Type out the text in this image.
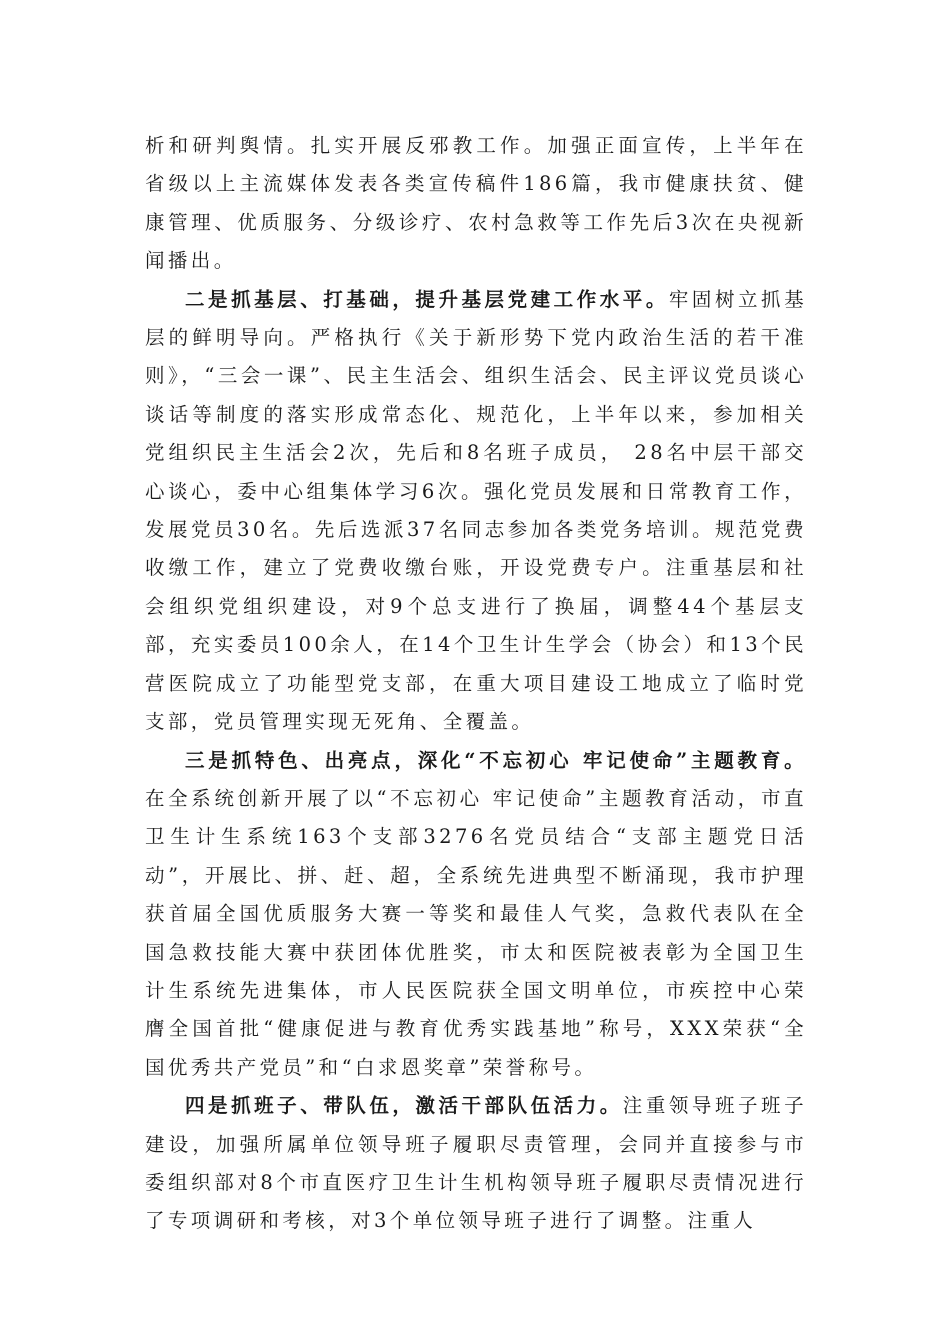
析和研判舆情。扎实开展反邪教工作。加强正面宣传，上半年在省级以上主流媒体发表各类宣传稿件186篇，我市健康扶贫、健康管理、优质服务、分级诊疗、农村急救等工作先后3次在央视新闻播出。

二是抓基层、打基础，提升基层党建工作水平。牢固树立抓基层的鲜明导向。严格执行《关于新形势下党内政治生活的若干准则》，“三会一课”、民主生活会、组织生活会、民主评议党员谈心谈话等制度的落实形成常态化、规范化，上半年以来，参加相关党组织民主生活会2次，先后和8名班子成员， 28名中层干部交心谈心，委中心组集体学习6次。强化党员发展和日常教育工作，发展党员30名。先后选派37名同志参加各类党务培训。规范党费收缴工作，建立了党费收缴台账，开设党费专户。注重基层和社会组织党组织建设，对9个总支进行了换届，调整44个基层支部，充实委员100余人，在14个卫生计生学会（协会）和13个民营医院成立了功能型党支部，在重大项目建设工地成立了临时党支部，党员管理实现无死角、全覆盖。

三是抓特色、出亮点，深化“不忘初心 牢记使命”主题教育。在全系统创新开展了以“不忘初心 牢记使命”主题教育活动，市直卫生计生系统163个支部3276名党员结合“支部主题党日活动”，开展比、拼、赶、超，全系统先进典型不断涌现，我市护理获首届全国优质服务大赛一等奖和最佳人气奖，急救代表队在全国急救技能大赛中获团体优胜奖，市太和医院被表彰为全国卫生计生系统先进集体，市人民医院获全国文明单位，市疾控中心荣膺全国首批“健康促进与教育优秀实践基地”称号，XXX荣获“全国优秀共产党员”和“白求恩奖章”荣誉称号。

四是抓班子、带队伍，激活干部队伍活力。注重领导班子班子建设，加强所属单位领导班子履职尽责管理，会同并直接参与市委组织部对8个市直医疗卫生计生机构领导班子履职尽责情况进行了专项调研和考核，对3个单位领导班子进行了调整。注重人
